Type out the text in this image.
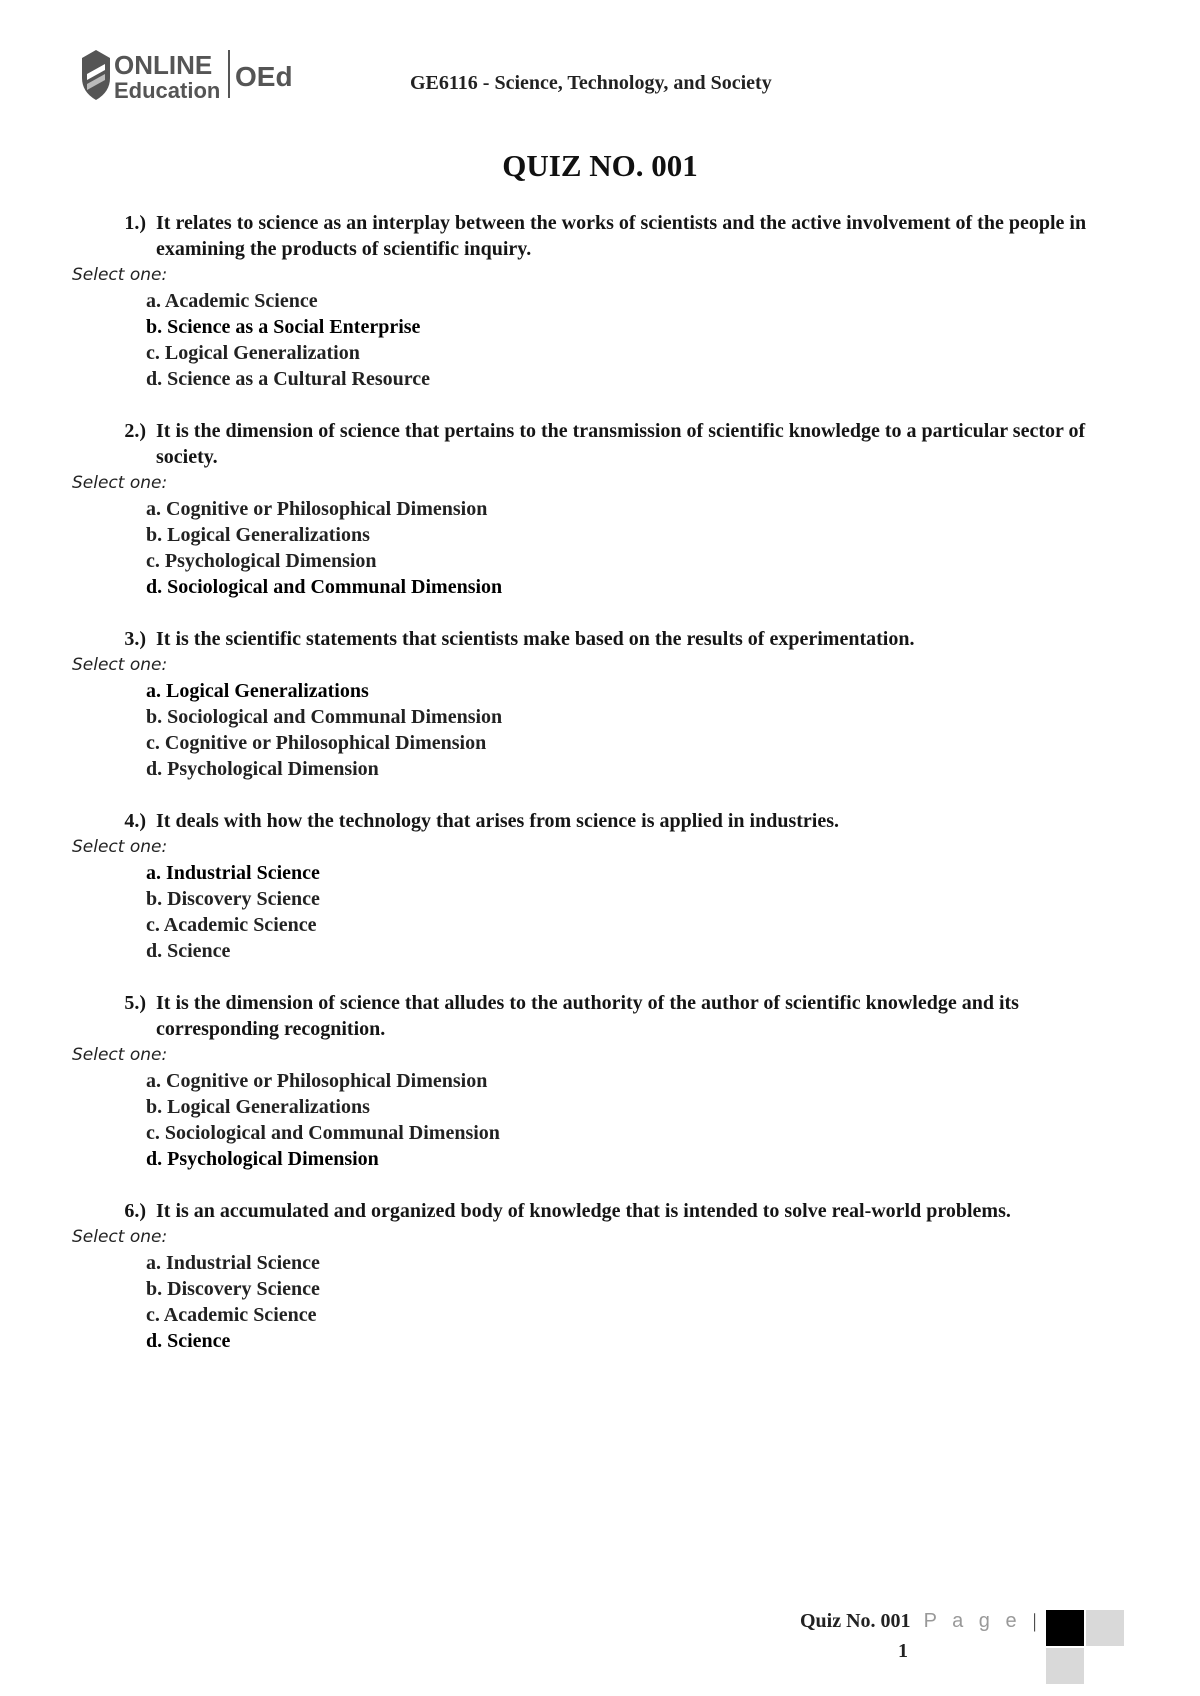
ONLINE
Education OEd	GE6116 - Science, Technology, and Society
QUIZ NO. 001
1.) It relates to science as an interplay between the works of scientists and the active involvement of the people in examining the products of scientific inquiry.
Select one:
a. Academic Science
b. Science as a Social Enterprise
c. Logical Generalization
d. Science as a Cultural Resource
2.) It is the dimension of science that pertains to the transmission of scientific knowledge to a particular sector of society.
Select one:
a. Cognitive or Philosophical Dimension
b. Logical Generalizations
c. Psychological Dimension
d. Sociological and Communal Dimension
3.) It is the scientific statements that scientists make based on the results of experimentation.
Select one:
a. Logical Generalizations
b. Sociological and Communal Dimension
c. Cognitive or Philosophical Dimension
d. Psychological Dimension
4.) It deals with how the technology that arises from science is applied in industries.
Select one:
a. Industrial Science
b. Discovery Science
c. Academic Science
d. Science
5.) It is the dimension of science that alludes to the authority of the author of scientific knowledge and its corresponding recognition.
Select one:
a. Cognitive or Philosophical Dimension
b. Logical Generalizations
c. Sociological and Communal Dimension
d. Psychological Dimension
6.) It is an accumulated and organized body of knowledge that is intended to solve real-world problems.
Select one:
a. Industrial Science
b. Discovery Science
c. Academic Science
d. Science
Quiz No. 001 P a g e |
1
